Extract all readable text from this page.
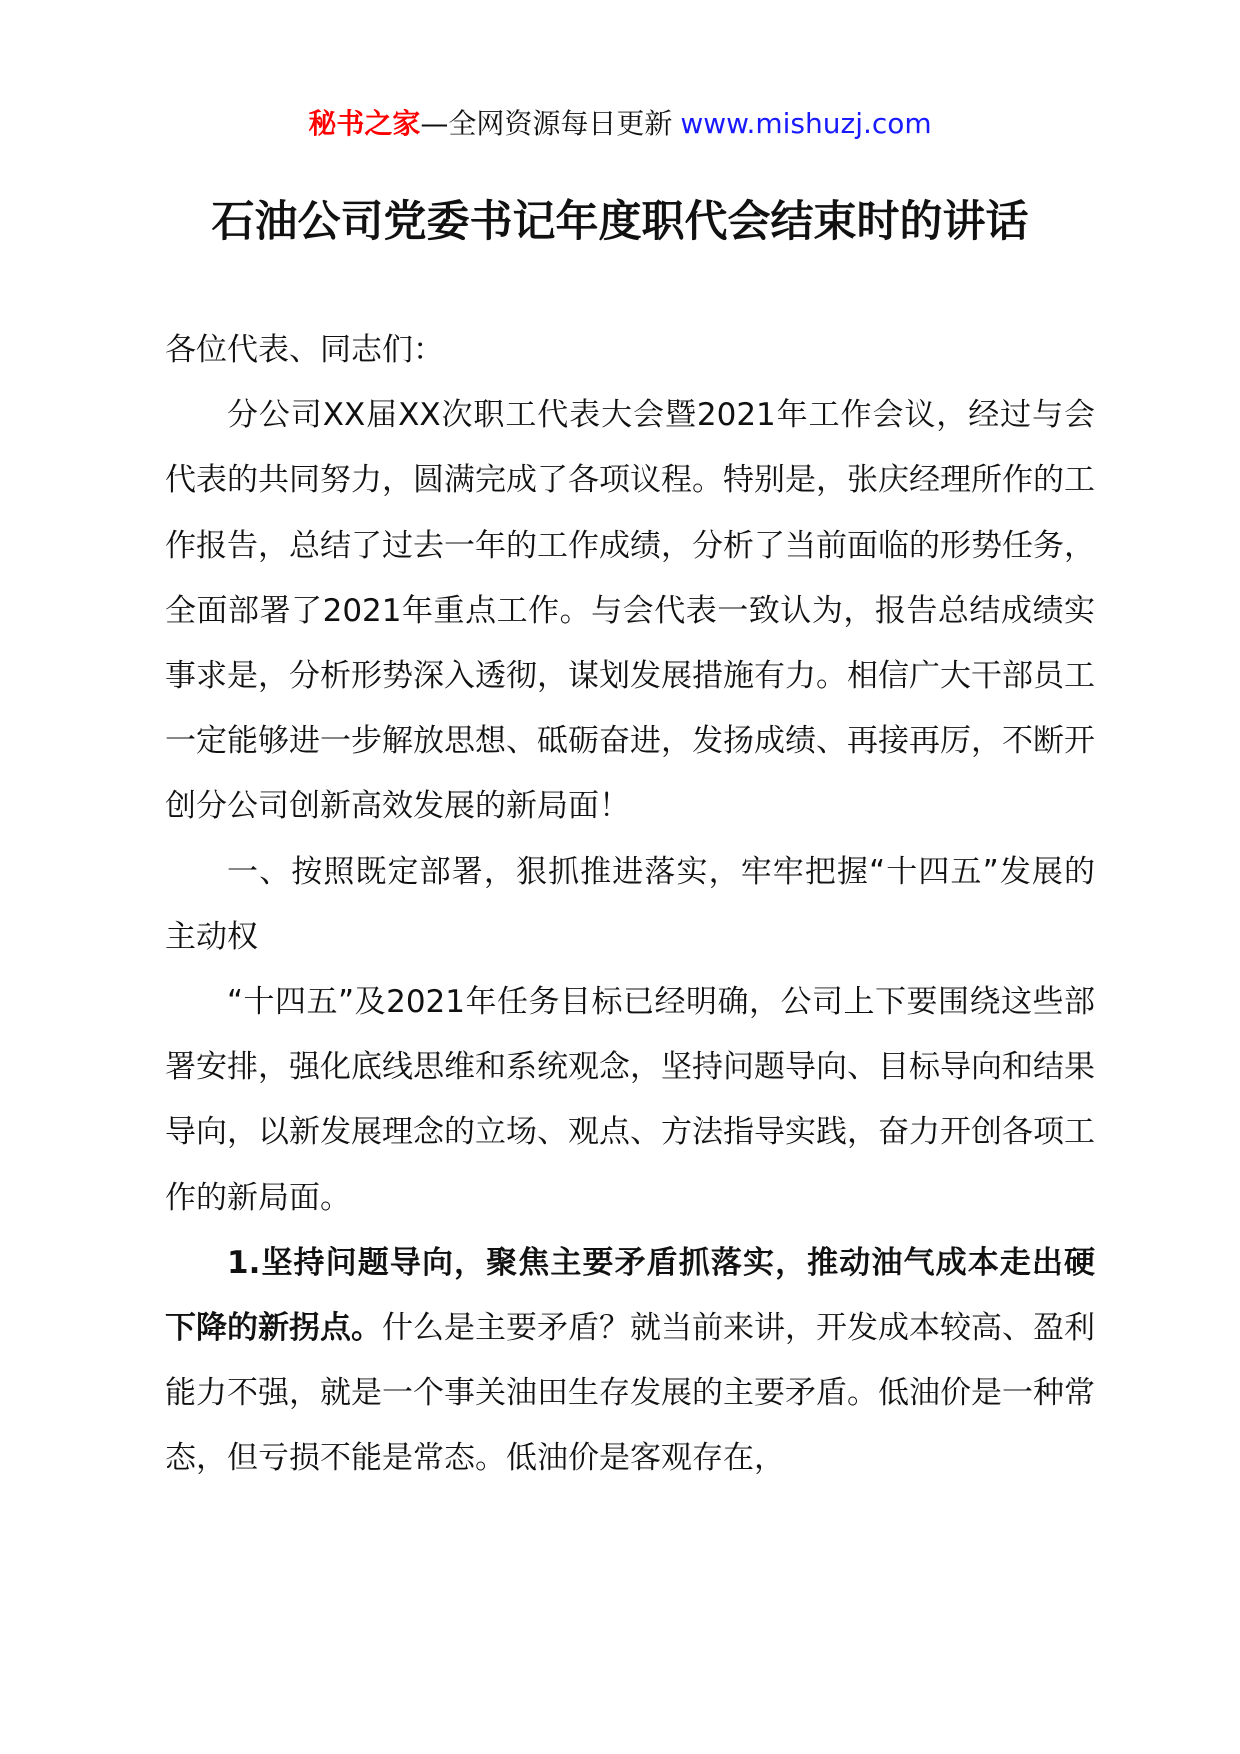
秘书之家—全网资源每日更新 www.mishuzj.com
石油公司党委书记年度职代会结束时的讲话

各位代表、同志们：

分公司XX届XX次职工代表大会暨2021年工作会议，经过与会代表的共同努力，圆满完成了各项议程。特别是，张庆经理所作的工作报告，总结了过去一年的工作成绩，分析了当前面临的形势任务，全面部署了2021年重点工作。与会代表一致认为，报告总结成绩实事求是，分析形势深入透彻，谋划发展措施有力。相信广大干部员工一定能够进一步解放思想、砥砺奋进，发扬成绩、再接再厉，不断开创分公司创新高效发展的新局面！

一、按照既定部署，狠抓推进落实，牢牢把握“十四五”发展的主动权

“十四五”及2021年任务目标已经明确，公司上下要围绕这些部署安排，强化底线思维和系统观念，坚持问题导向、目标导向和结果导向，以新发展理念的立场、观点、方法指导实践，奋力开创各项工作的新局面。

1.坚持问题导向，聚焦主要矛盾抓落实，推动油气成本走出硬下降的新拐点。什么是主要矛盾？就当前来讲，开发成本较高、盈利能力不强，就是一个事关油田生存发展的主要矛盾。低油价是一种常态，但亏损不能是常态。低油价是客观存在，
